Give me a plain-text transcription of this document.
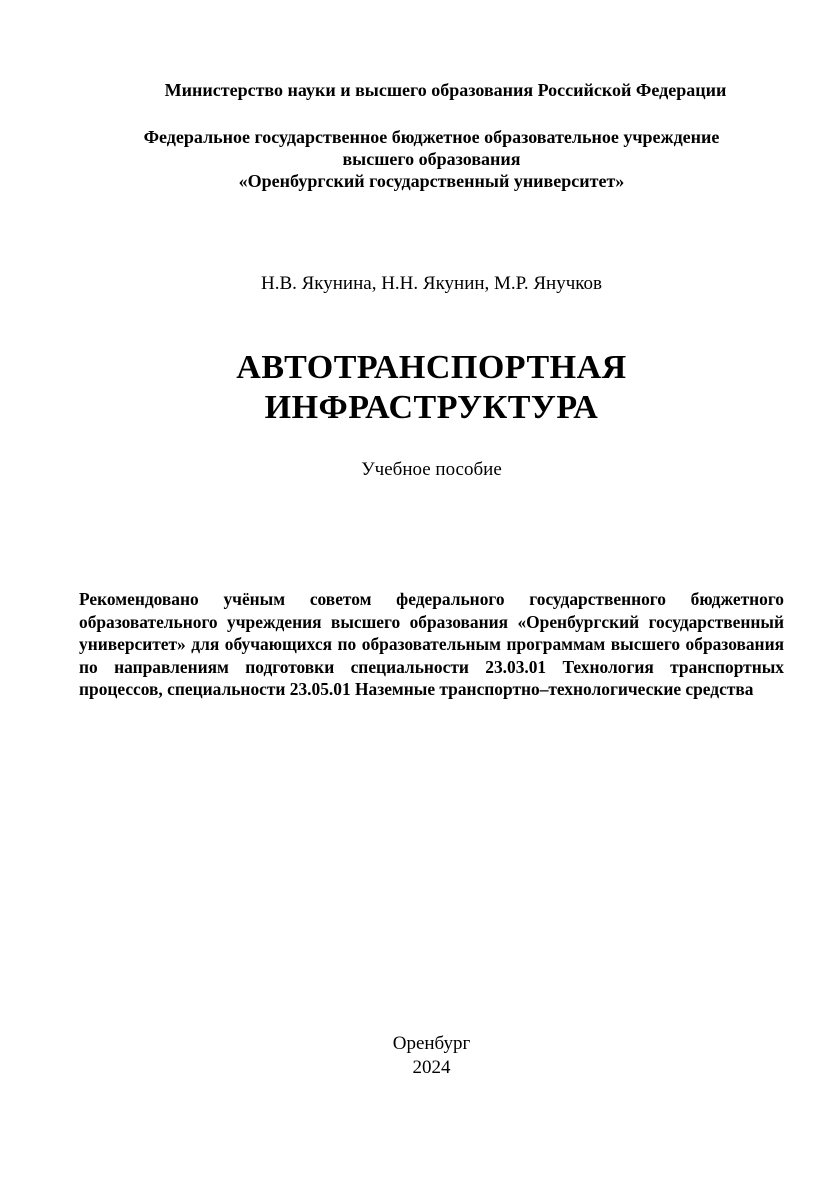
Министерство науки и высшего образования Российской Федерации
Федеральное государственное бюджетное образовательное учреждение
высшего образования
«Оренбургский государственный университет»
Н.В. Якунина, Н.Н. Якунин, М.Р. Янучков
АВТОТРАНСПОРТНАЯ
ИНФРАСТРУКТУРА
Учебное пособие
Рекомендовано учёным советом федерального государственного бюджетного образовательного учреждения высшего образования «Оренбургский государственный университет» для обучающихся по образовательным программам высшего образования по направлениям подготовки специальности 23.03.01 Технология транспортных процессов, специальности 23.05.01 Наземные транспортно–технологические средства
Оренбург
2024
